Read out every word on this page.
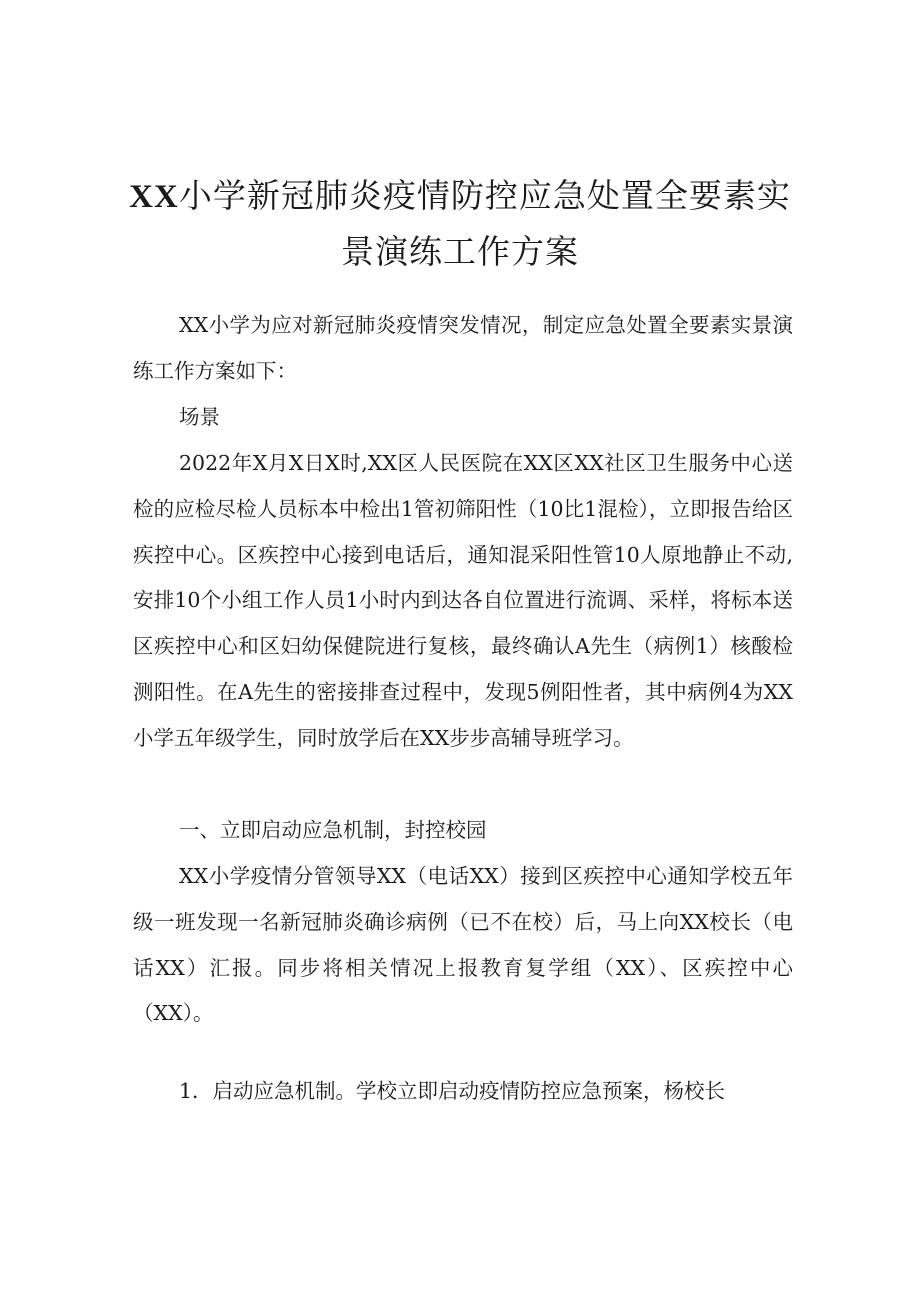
XX小学新冠肺炎疫情防控应急处置全要素实
景演练工作方案

XX小学为应对新冠肺炎疫情突发情况，制定应急处置全要素实景演练工作方案如下：

场景

2022年X月X日X时,XX区人民医院在XX区XX社区卫生服务中心送检的应检尽检人员标本中检出1管初筛阳性（10比1混检），立即报告给区疾控中心。区疾控中心接到电话后，通知混采阳性管10人原地静止不动,安排10个小组工作人员1小时内到达各自位置进行流调、采样，将标本送区疾控中心和区妇幼保健院进行复核，最终确认A先生（病例1）核酸检测阳性。在A先生的密接排查过程中，发现5例阳性者，其中病例4为XX小学五年级学生，同时放学后在XX步步高辅导班学习。

一、立即启动应急机制，封控校园

XX小学疫情分管领导XX（电话XX）接到区疾控中心通知学校五年级一班发现一名新冠肺炎确诊病例（已不在校）后，马上向XX校长（电话XX）汇报。同步将相关情况上报教育复学组（XX）、区疾控中心（XX）。

1．启动应急机制。学校立即启动疫情防控应急预案，杨校长
